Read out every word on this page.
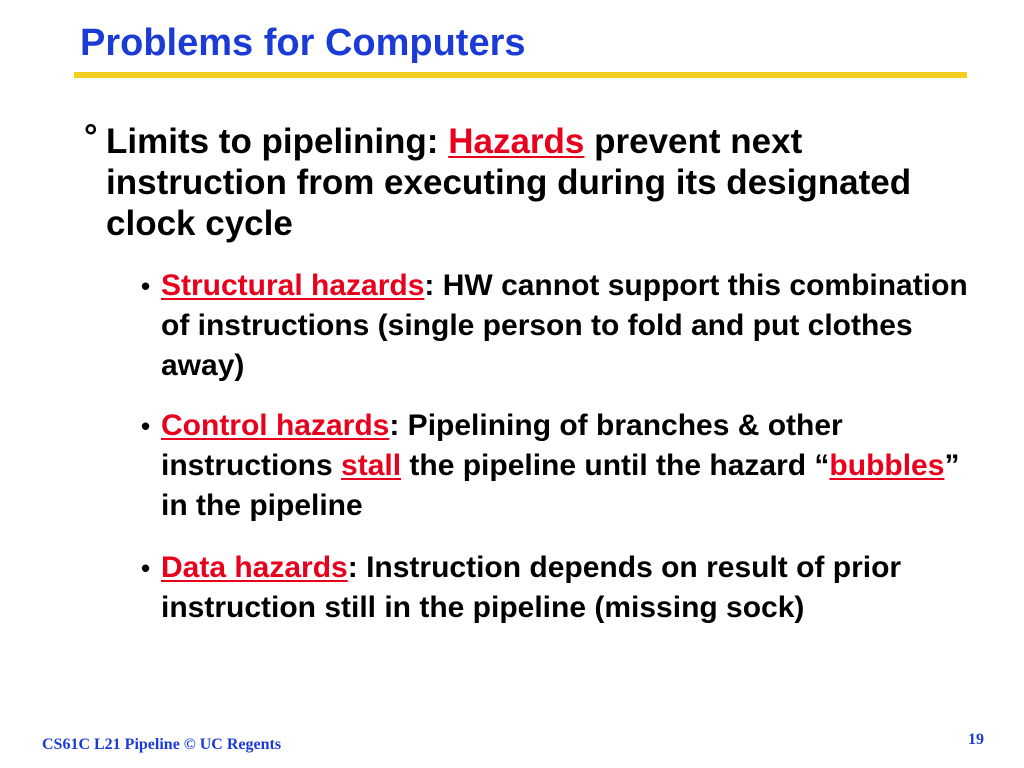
Problems for Computers
° Limits to pipelining: Hazards prevent next instruction from executing during its designated clock cycle
• Structural hazards: HW cannot support this combination of instructions (single person to fold and put clothes away)
• Control hazards: Pipelining of branches & other instructions stall the pipeline until the hazard “bubbles” in the pipeline
• Data hazards: Instruction depends on result of prior instruction still in the pipeline (missing sock)
CS61C L21 Pipeline © UC Regents	19
